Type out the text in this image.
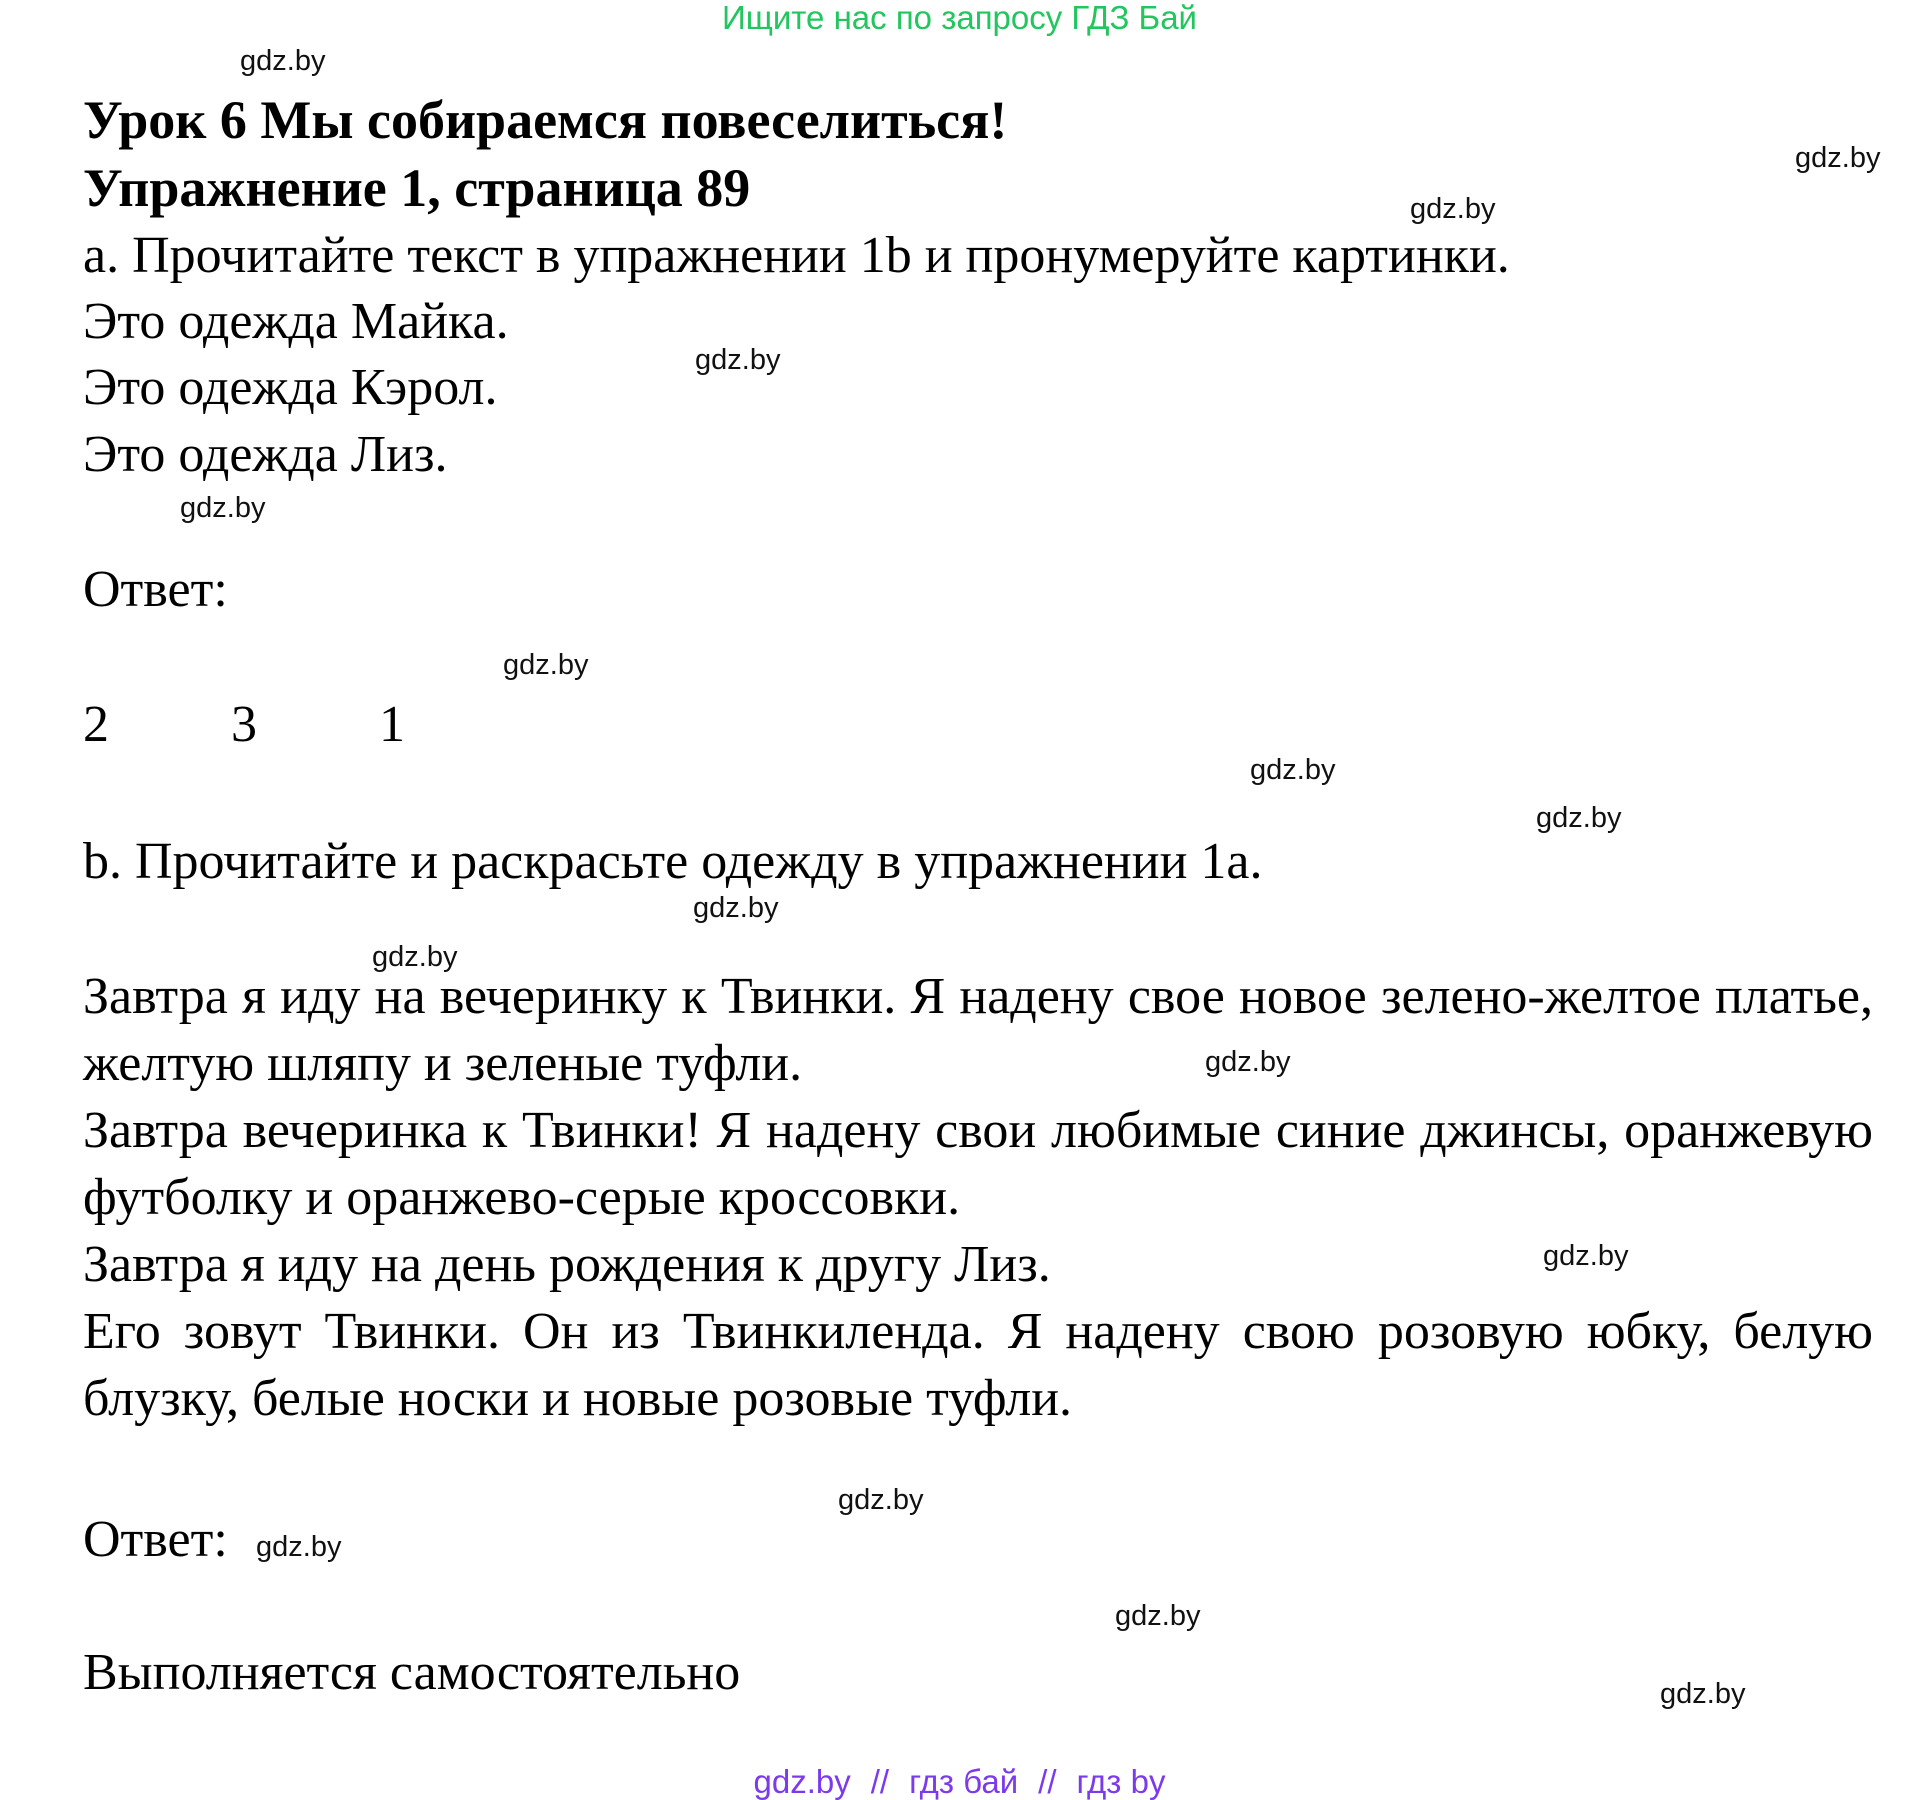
Ищите нас по запросу ГДЗ Бай
gdz.by
gdz.by
gdz.by
gdz.by
gdz.by
gdz.by
gdz.by
gdz.by
gdz.by
gdz.by
gdz.by
gdz.by
gdz.by
gdz.by
gdz.by
gdz.by
Урок 6 Мы собираемся повеселиться!
Упражнение 1, страница 89
a. Прочитайте текст в упражнении 1b и пронумеруйте картинки.
Это одежда Майка.
Это одежда Кэрол.
Это одежда Лиз.
Ответ:
2 3 1
b. Прочитайте и раскрасьте одежду в упражнении 1a.
Завтра я иду на вечеринку к Твинки. Я надену свое новое зелено-желтое платье, желтую шляпу и зеленые туфли.
Завтра вечеринка к Твинки! Я надену свои любимые синие джинсы, оранжевую футболку и оранжево-серые кроссовки.
Завтра я иду на день рождения к другу Лиз.
Его зовут Твинки. Он из Твинкиленда. Я надену свою розовую юбку, белую блузку, белые носки и новые розовые туфли.
Ответ:
Выполняется самостоятельно
gdz.by // гдз бай // гдз by
